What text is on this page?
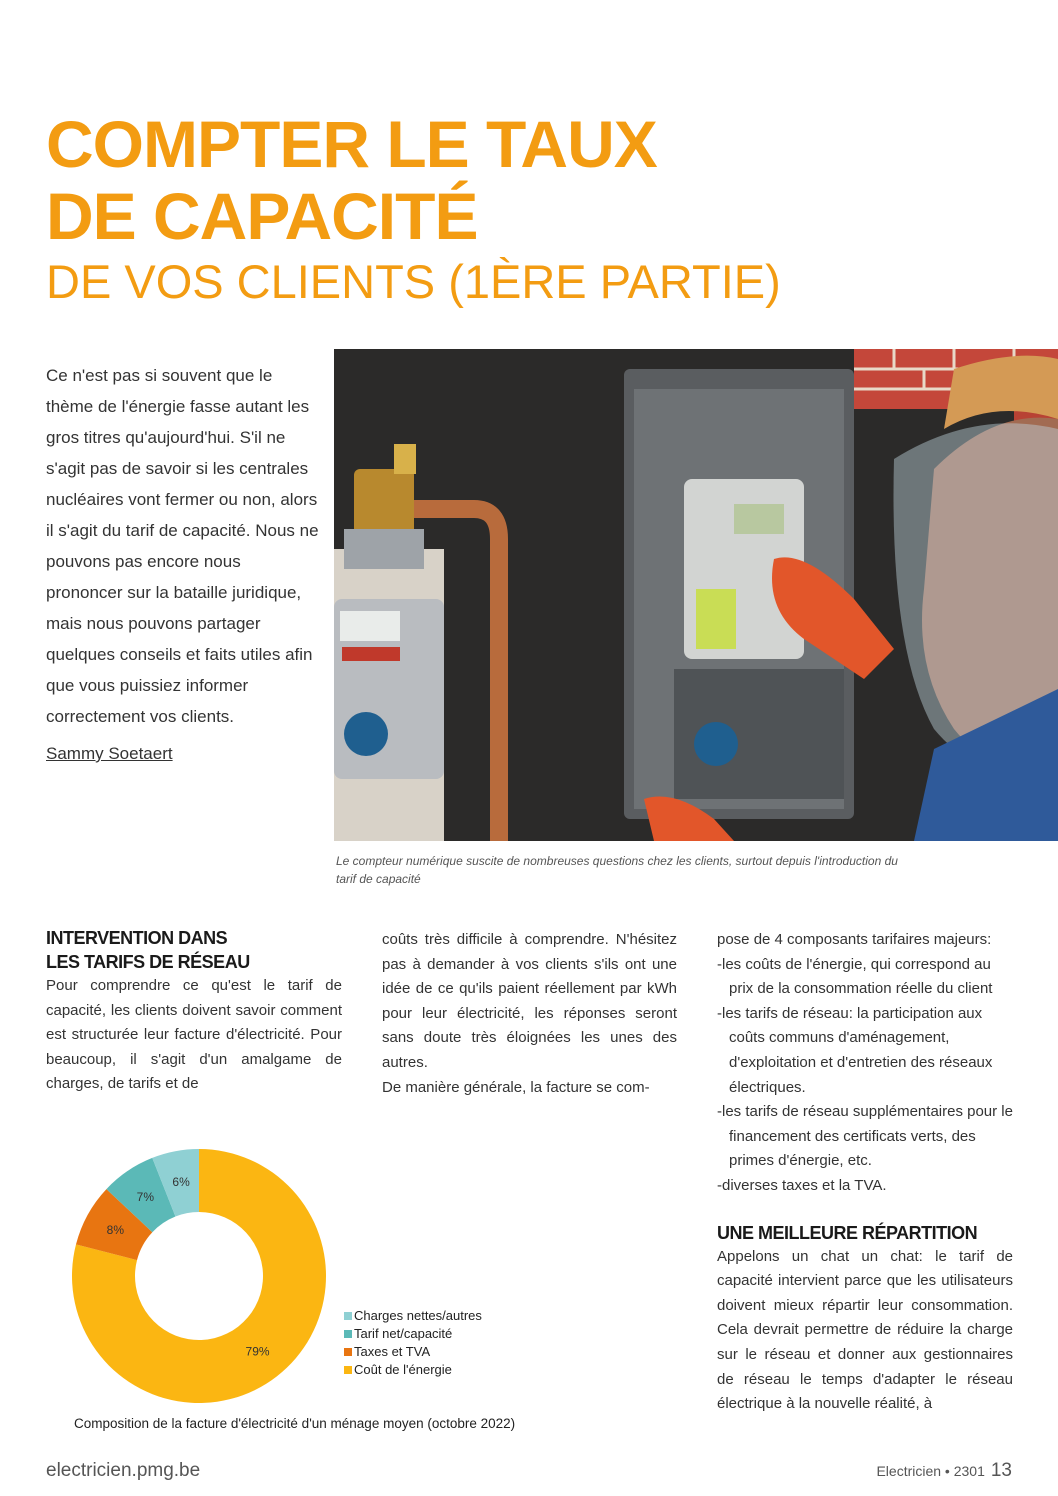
COMPTER LE TAUX
DE CAPACITÉ
DE VOS CLIENTS (1ÈRE PARTIE)
Ce n'est pas si souvent que le thème de l'énergie fasse autant les gros titres qu'aujourd'hui. S'il ne s'agit pas de savoir si les centrales nucléaires vont fermer ou non, alors il s'agit du tarif de capacité. Nous ne pouvons pas encore nous prononcer sur la bataille juridique, mais nous pouvons partager quelques conseils et faits utiles afin que vous puissiez informer correctement vos clients.
Sammy Soetaert
Le compteur numérique suscite de nombreuses questions chez les clients, surtout depuis l'introduction du tarif de capacité
INTERVENTION DANS
LES TARIFS DE RÉSEAU

Pour comprendre ce qu'est le tarif de capacité, les clients doivent savoir comment est structurée leur facture d'électricité. Pour beaucoup, il s'agit d'un amalgame de charges, de tarifs et de

coûts très difficile à comprendre. N'hésitez pas à demander à vos clients s'ils ont une idée de ce qu'ils paient réellement par kWh pour leur électricité, les réponses seront sans doute très éloignées les unes des autres.

De manière générale, la facture se com-

pose de 4 composants tarifaires majeurs:

-les coûts de l'énergie, qui correspond au prix de la consommation réelle du client

-les tarifs de réseau: la participation aux coûts communs d'aménagement, d'exploitation et d'entretien des réseaux électriques.

-les tarifs de réseau supplémentaires pour le financement des certificats verts, des primes d'énergie, etc.

-diverses taxes et la TVA.

UNE MEILLEURE RÉPARTITION

Appelons un chat un chat: le tarif de capacité intervient parce que les utilisateurs doivent mieux répartir leur consommation. Cela devrait permettre de réduire la charge sur le réseau et donner aux gestionnaires de réseau le temps d'adapter le réseau électrique à la nouvelle réalité, à

79%
8%
7%
6%
Charges nettes/autres
Tarif net/capacité
Taxes et TVA
Coût de l'énergie
Composition de la facture d'électricité d'un ménage moyen (octobre 2022)
electricien.pmg.be	Electricien • 2301 13
